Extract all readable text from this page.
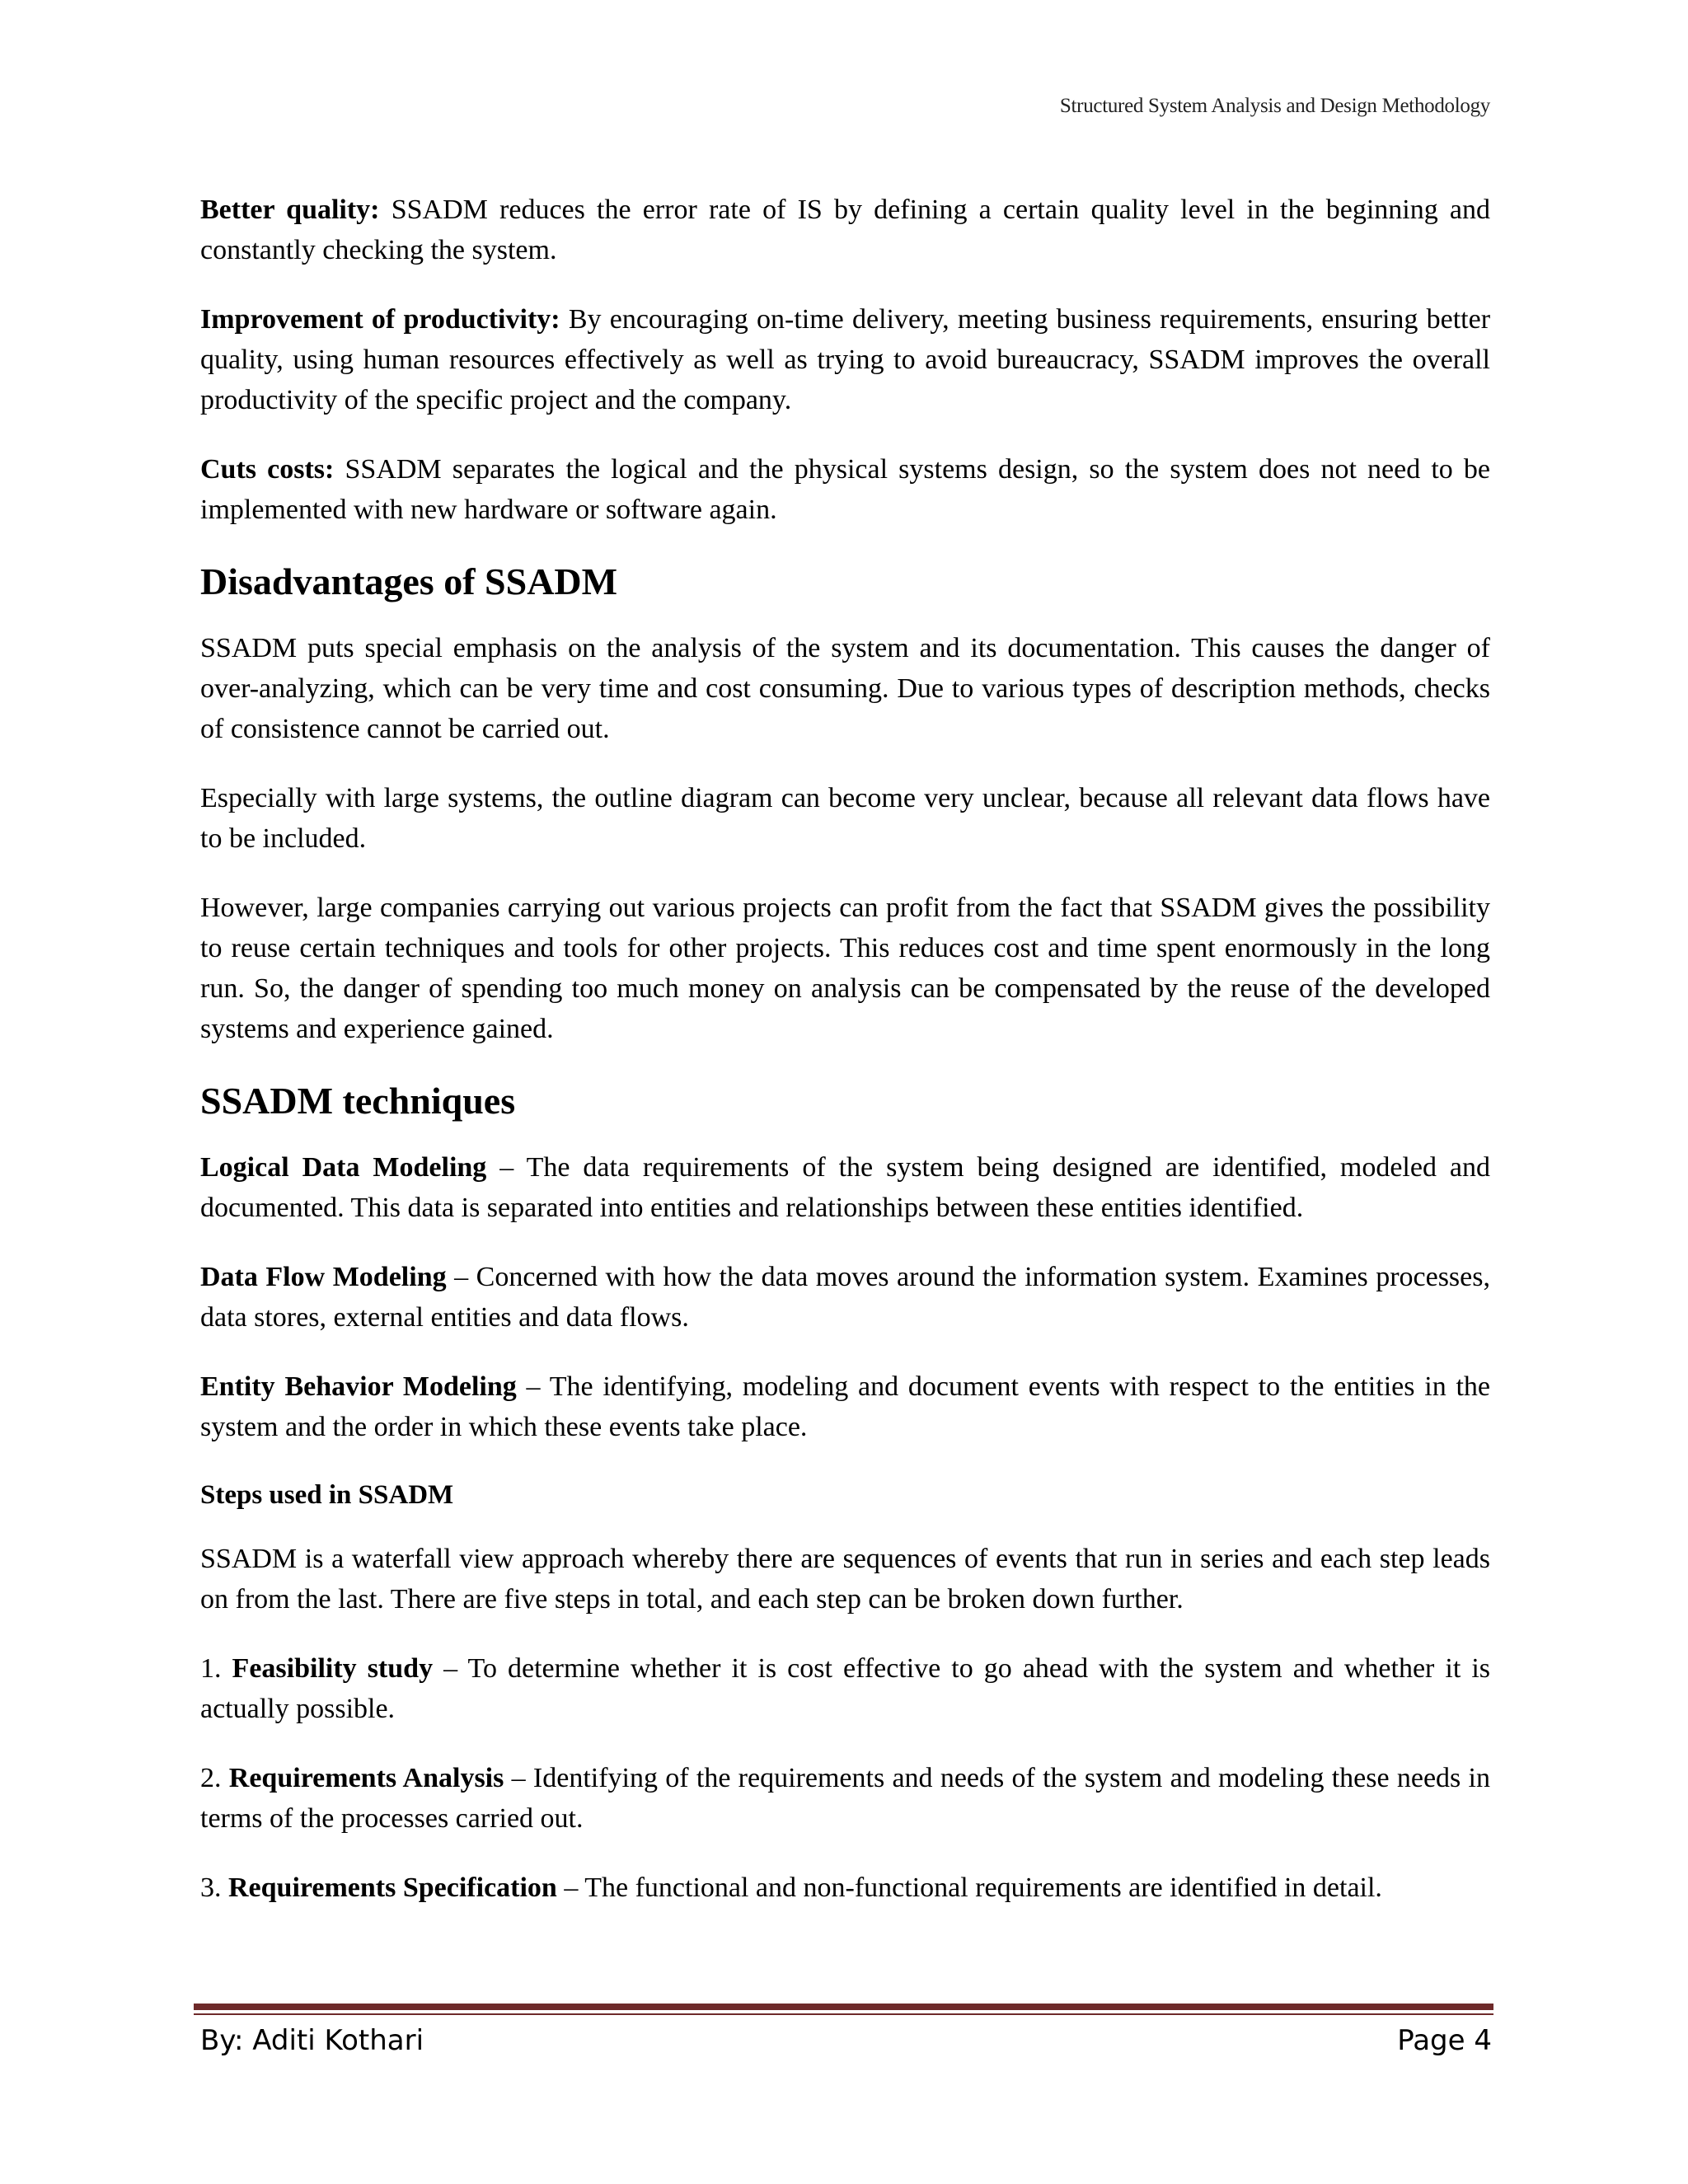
Structured System Analysis and Design Methodology

Better quality: SSADM reduces the error rate of IS by defining a certain quality level in the beginning and constantly checking the system.

Improvement of productivity: By encouraging on-time delivery, meeting business requirements, ensuring better quality, using human resources effectively as well as trying to avoid bureaucracy, SSADM improves the overall productivity of the specific project and the company.

Cuts costs: SSADM separates the logical and the physical systems design, so the system does not need to be implemented with new hardware or software again.

Disadvantages of SSADM

SSADM puts special emphasis on the analysis of the system and its documentation. This causes the danger of over-analyzing, which can be very time and cost consuming. Due to various types of description methods, checks of consistence cannot be carried out.

Especially with large systems, the outline diagram can become very unclear, because all relevant data flows have to be included.

However, large companies carrying out various projects can profit from the fact that SSADM gives the possibility to reuse certain techniques and tools for other projects. This reduces cost and time spent enormously in the long run. So, the danger of spending too much money on analysis can be compensated by the reuse of the developed systems and experience gained.

SSADM techniques

Logical Data Modeling – The data requirements of the system being designed are identified, modeled and documented. This data is separated into entities and relationships between these entities identified.

Data Flow Modeling – Concerned with how the data moves around the information system. Examines processes, data stores, external entities and data flows.

Entity Behavior Modeling – The identifying, modeling and document events with respect to the entities in the system and the order in which these events take place.

Steps used in SSADM

SSADM is a waterfall view approach whereby there are sequences of events that run in series and each step leads on from the last. There are five steps in total, and each step can be broken down further.

1. Feasibility study – To determine whether it is cost effective to go ahead with the system and whether it is actually possible.

2. Requirements Analysis – Identifying of the requirements and needs of the system and modeling these needs in terms of the processes carried out.

3. Requirements Specification – The functional and non-functional requirements are identified in detail.

By: Aditi Kothari	Page 4
